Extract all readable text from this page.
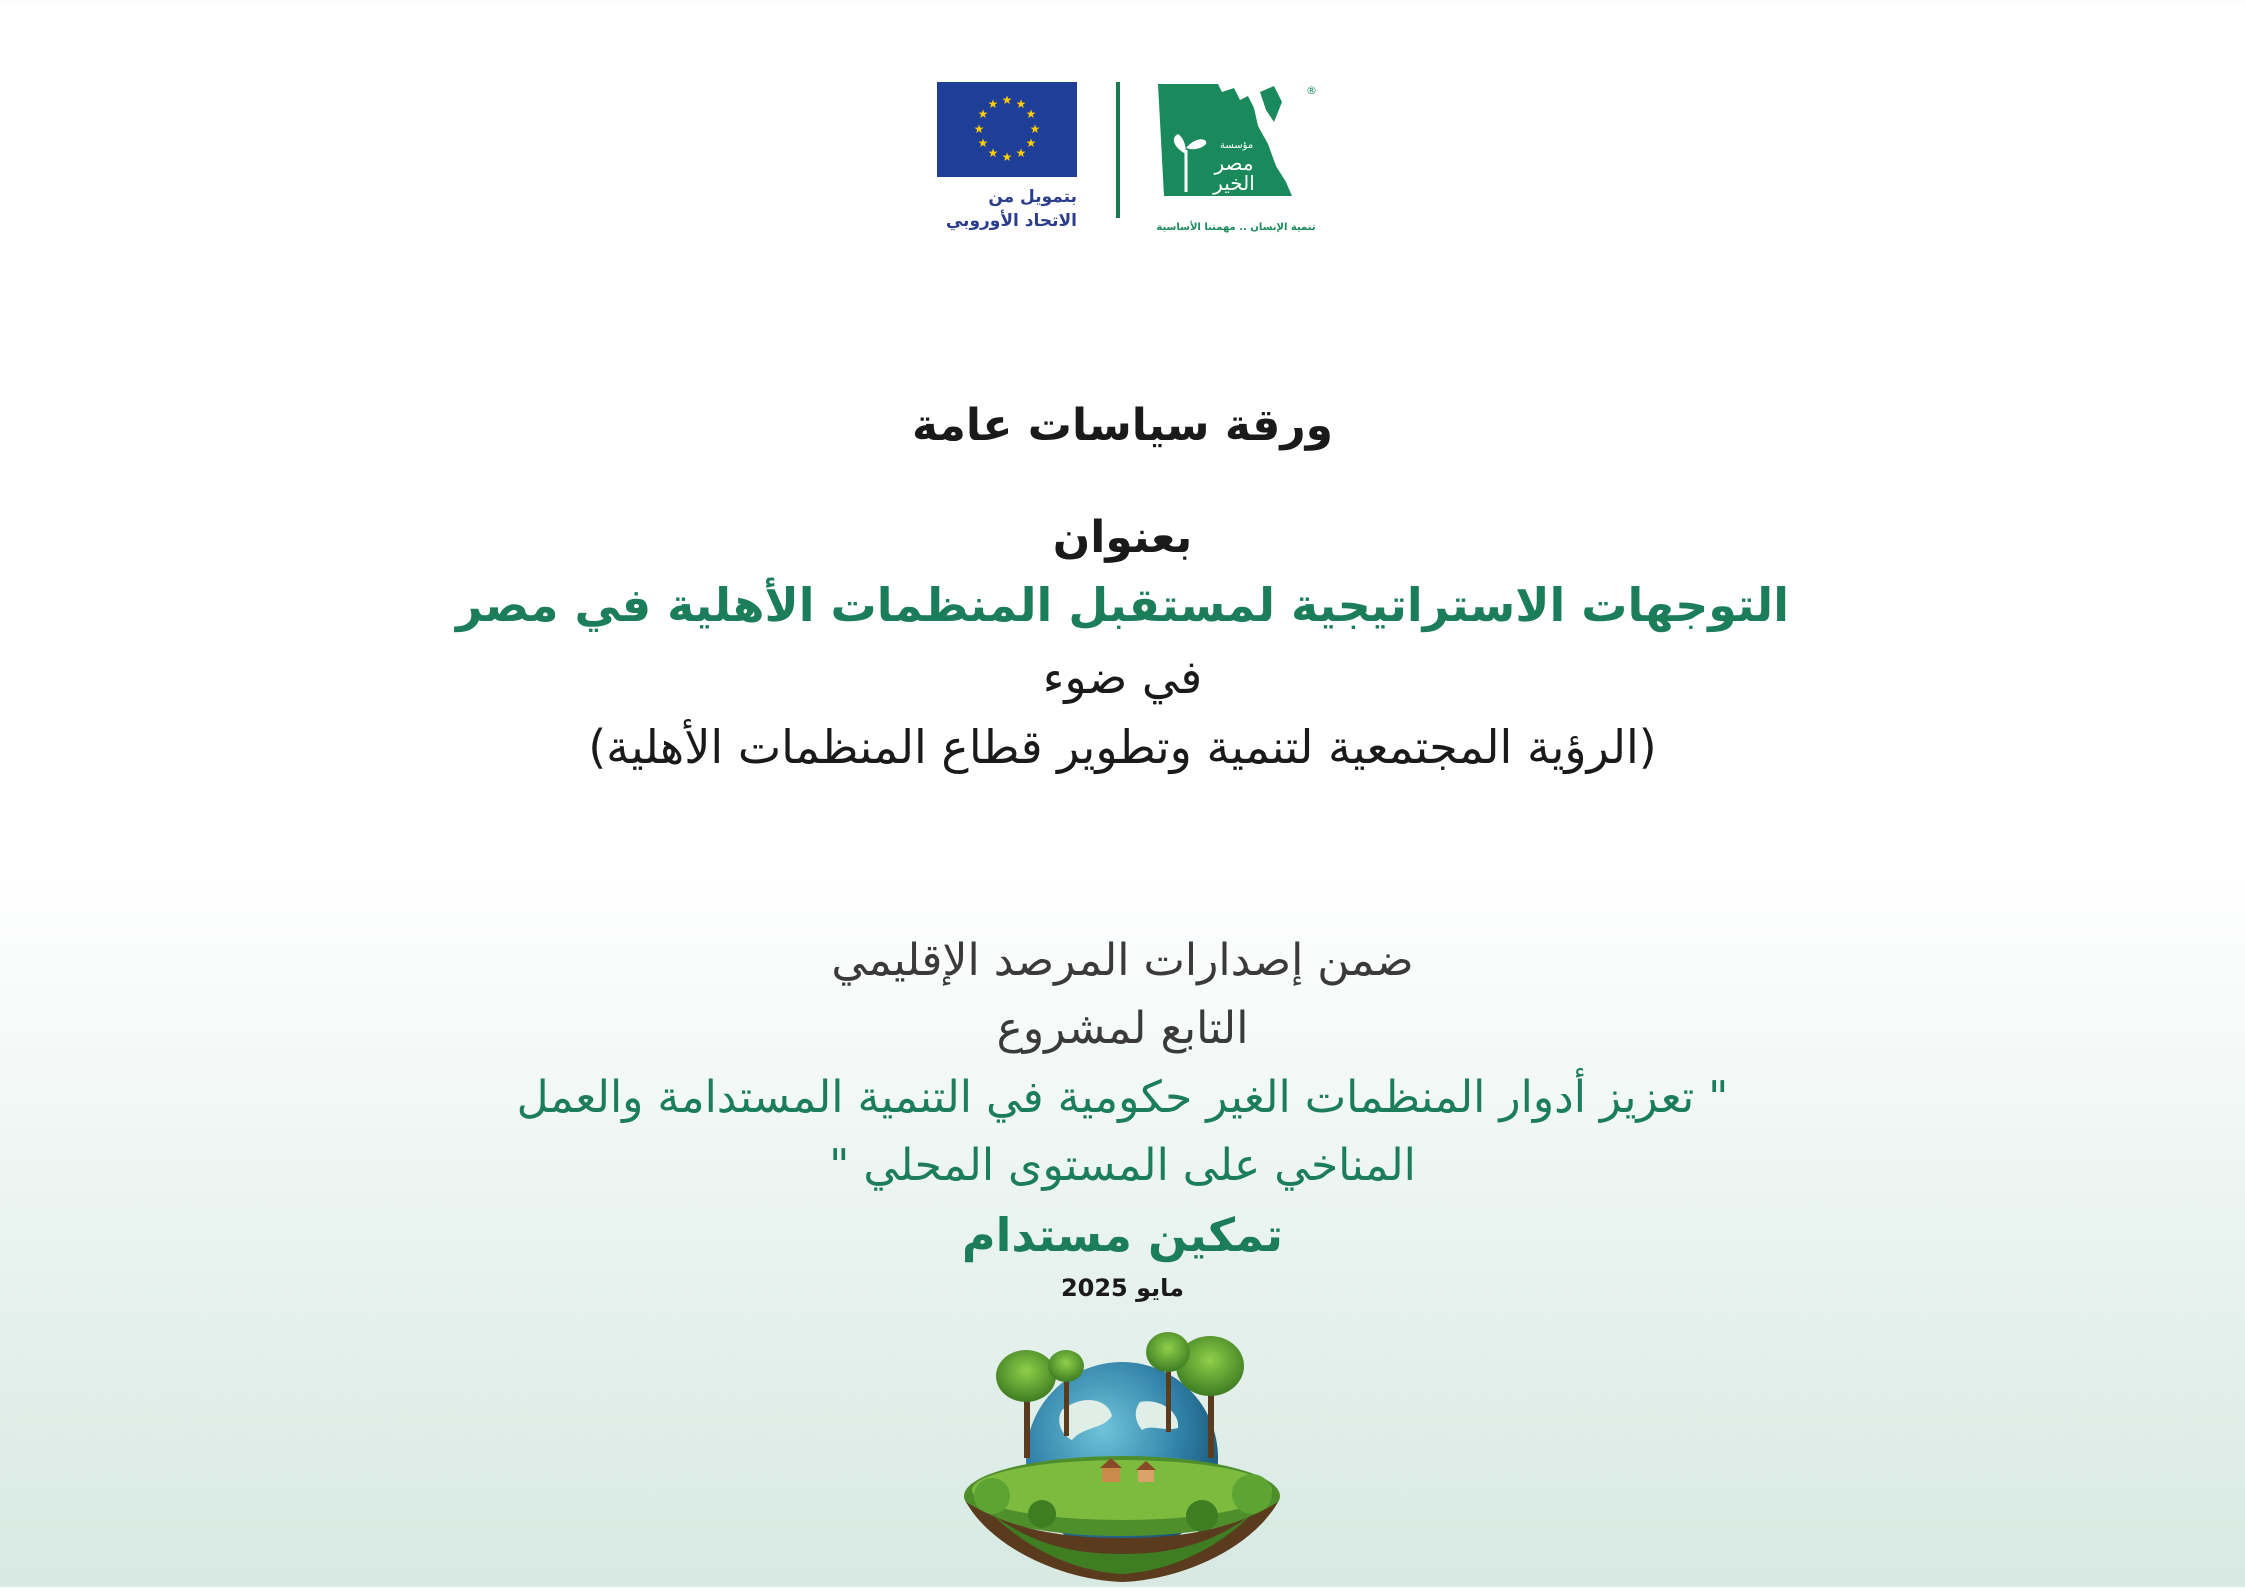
★ ★
★
★
★
★
★
★
★
★
★
★
بتمويل من
الاتحاد الأوروبي
مؤسسة
مصر
الخير
®
تنمية الإنسان .. مهمتنا الأساسية
ورقة سياسات عامة
بعنوان
التوجهات الاستراتيجية لمستقبل المنظمات الأهلية في مصر
في ضوء
(الرؤية المجتمعية لتنمية وتطوير قطاع المنظمات الأهلية)
ضمن إصدارات المرصد الإقليمي
التابع لمشروع
" تعزيز أدوار المنظمات الغير حكومية في التنمية المستدامة والعمل
المناخي على المستوى المحلي "
تمكين مستدام
مايو 2025
